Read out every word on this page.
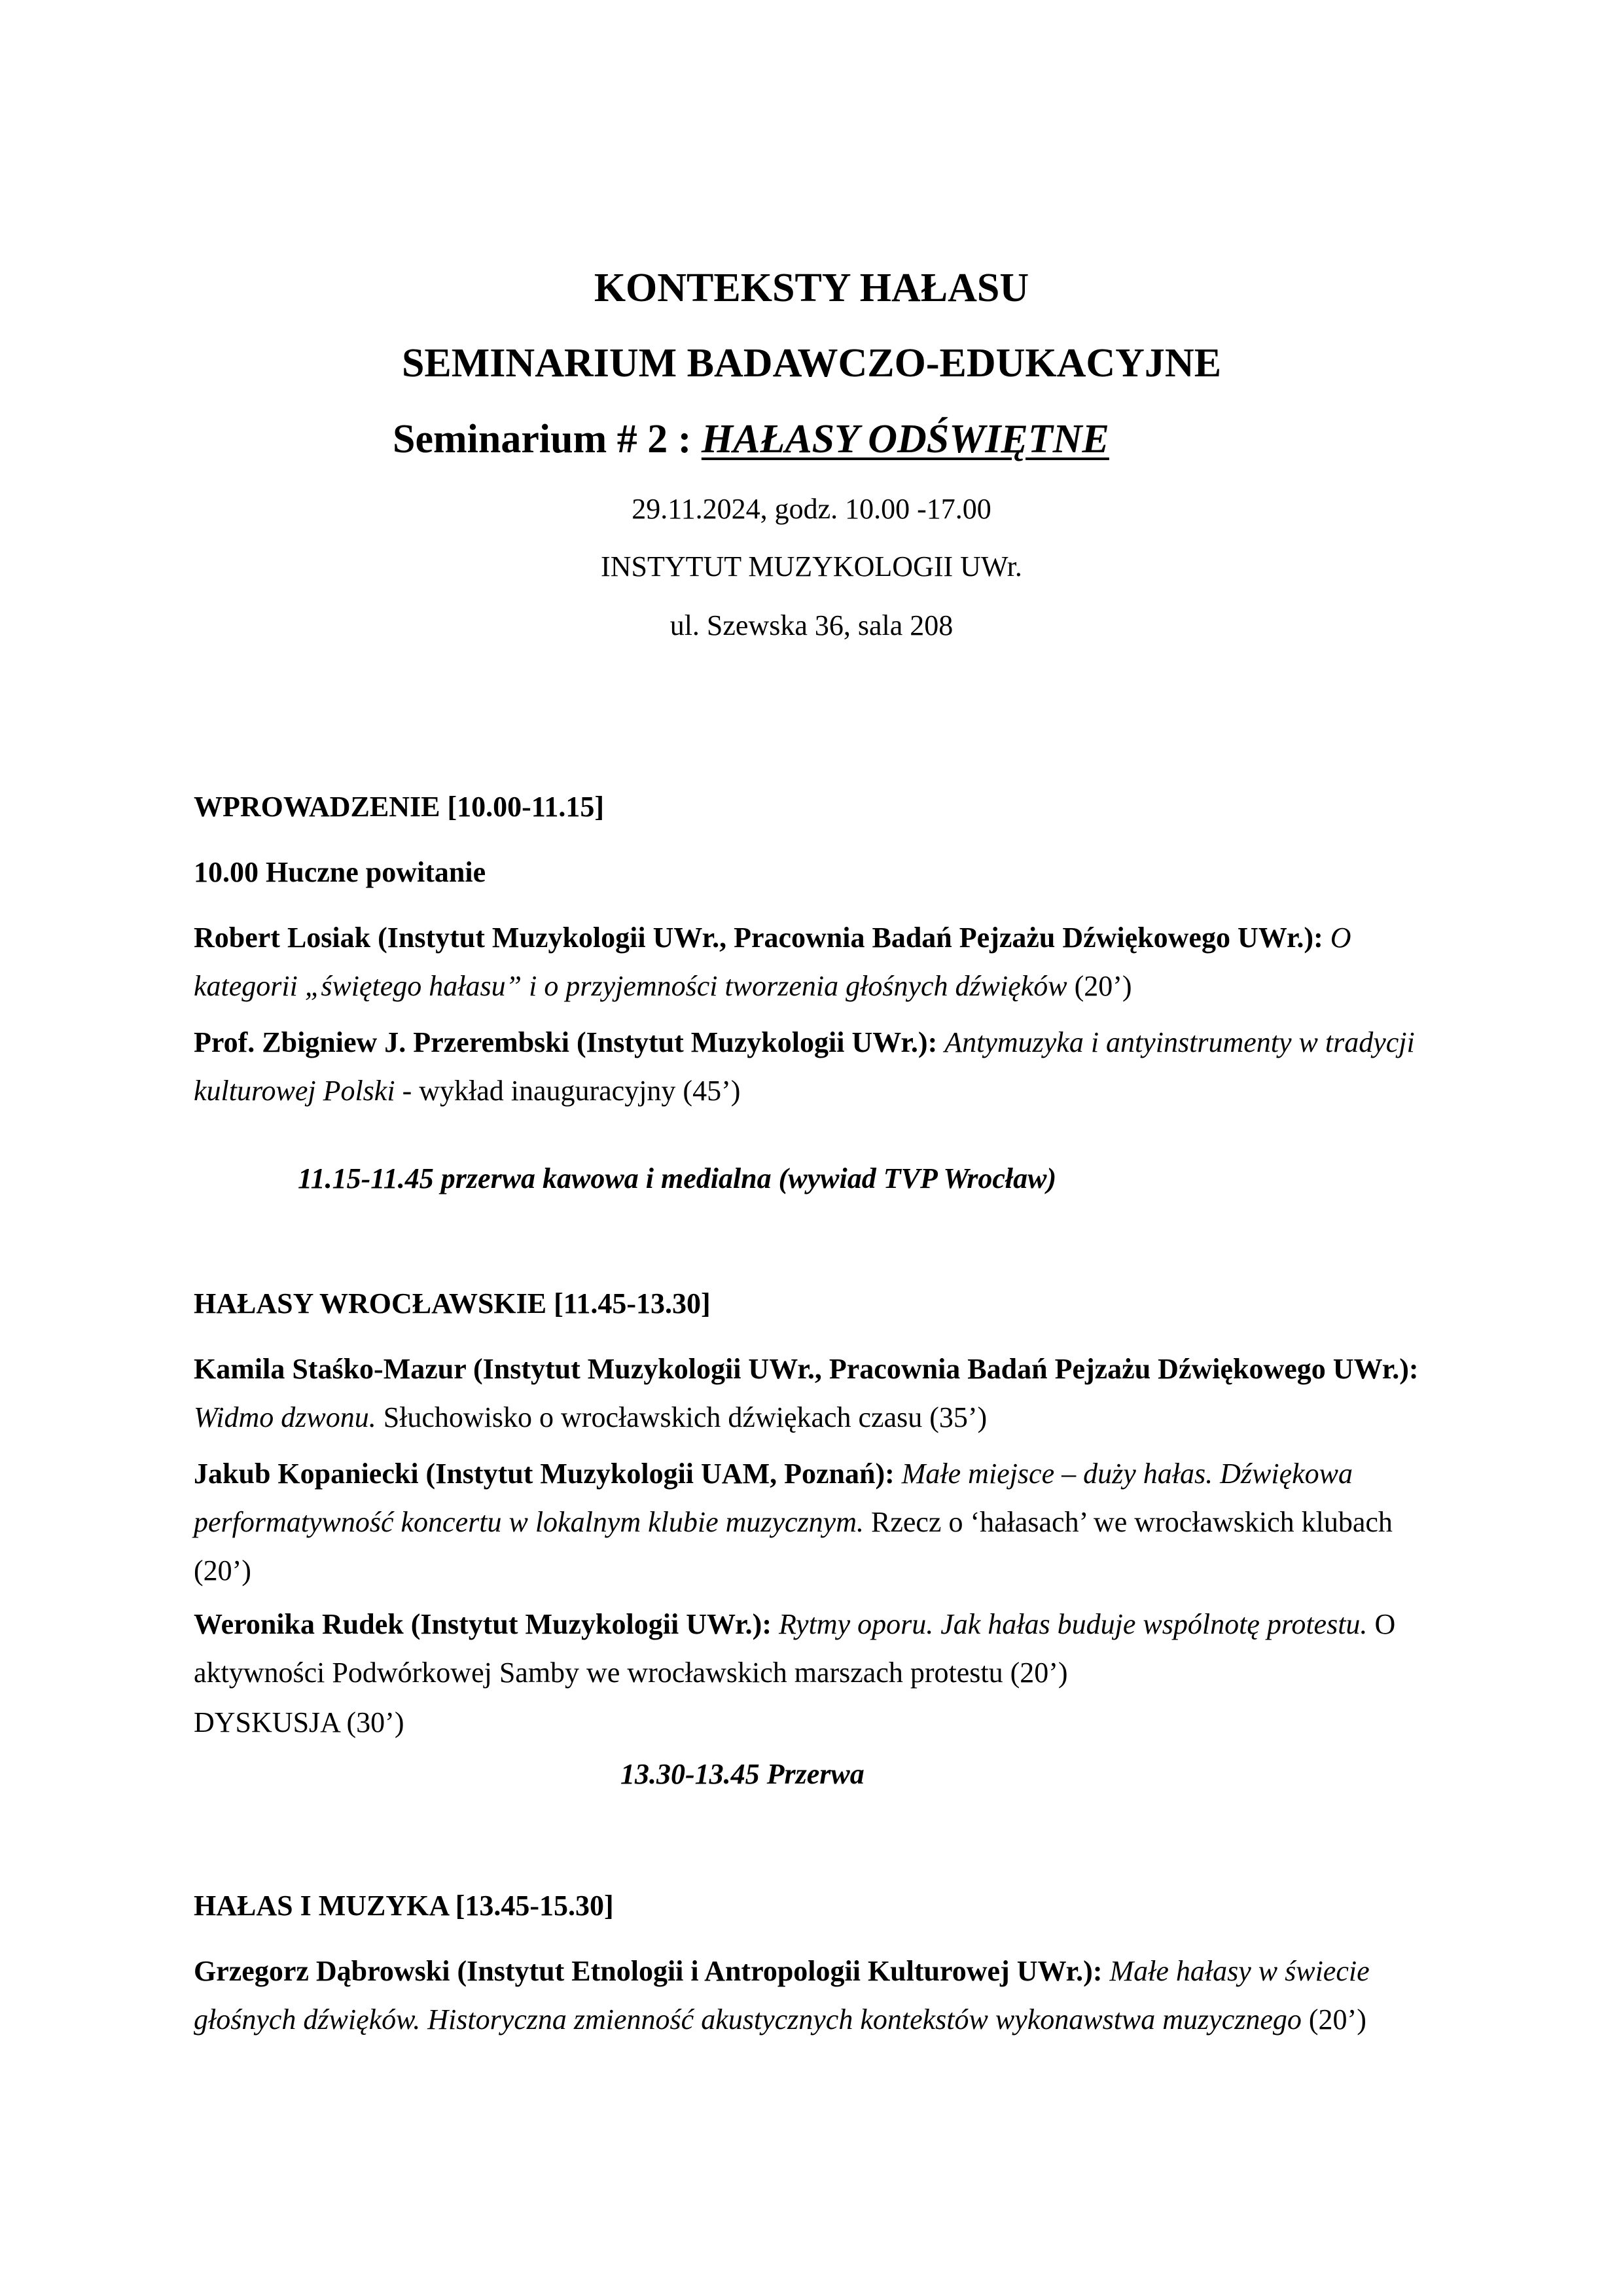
KONTEKSTY HAŁASU
SEMINARIUM BADAWCZO-EDUKACYJNE
Seminarium # 2 : HAŁASY ODŚWIĘTNE
29.11.2024, godz. 10.00 -17.00
INSTYTUT MUZYKOLOGII UWr.
ul. Szewska 36, sala 208
WPROWADZENIE [10.00-11.15]
10.00 Huczne powitanie
Robert Losiak (Instytut Muzykologii UWr., Pracownia Badań Pejzażu Dźwiękowego UWr.): O kategorii „świętego hałasu” i o przyjemności tworzenia głośnych dźwięków (20’)
Prof. Zbigniew J. Przerembski (Instytut Muzykologii UWr.): Antymuzyka i antyinstrumenty w tradycji kulturowej Polski - wykład inauguracyjny (45’)
11.15-11.45 przerwa kawowa i medialna (wywiad TVP Wrocław)
HAŁASY WROCŁAWSKIE [11.45-13.30]
Kamila Staśko-Mazur (Instytut Muzykologii UWr., Pracownia Badań Pejzażu Dźwiękowego UWr.): Widmo dzwonu. Słuchowisko o wrocławskich dźwiękach czasu (35’)
Jakub Kopaniecki (Instytut Muzykologii UAM, Poznań): Małe miejsce – duży hałas. Dźwiękowa performatywność koncertu w lokalnym klubie muzycznym. Rzecz o ‘hałasach’ we wrocławskich klubach (20’)
Weronika Rudek (Instytut Muzykologii UWr.): Rytmy oporu. Jak hałas buduje wspólnotę protestu. O aktywności Podwórkowej Samby we wrocławskich marszach protestu (20’)
DYSKUSJA (30’)
13.30-13.45 Przerwa
HAŁAS I MUZYKA [13.45-15.30]
Grzegorz Dąbrowski (Instytut Etnologii i Antropologii Kulturowej UWr.): Małe hałasy w świecie głośnych dźwięków. Historyczna zmienność akustycznych kontekstów wykonawstwa muzycznego (20’)
